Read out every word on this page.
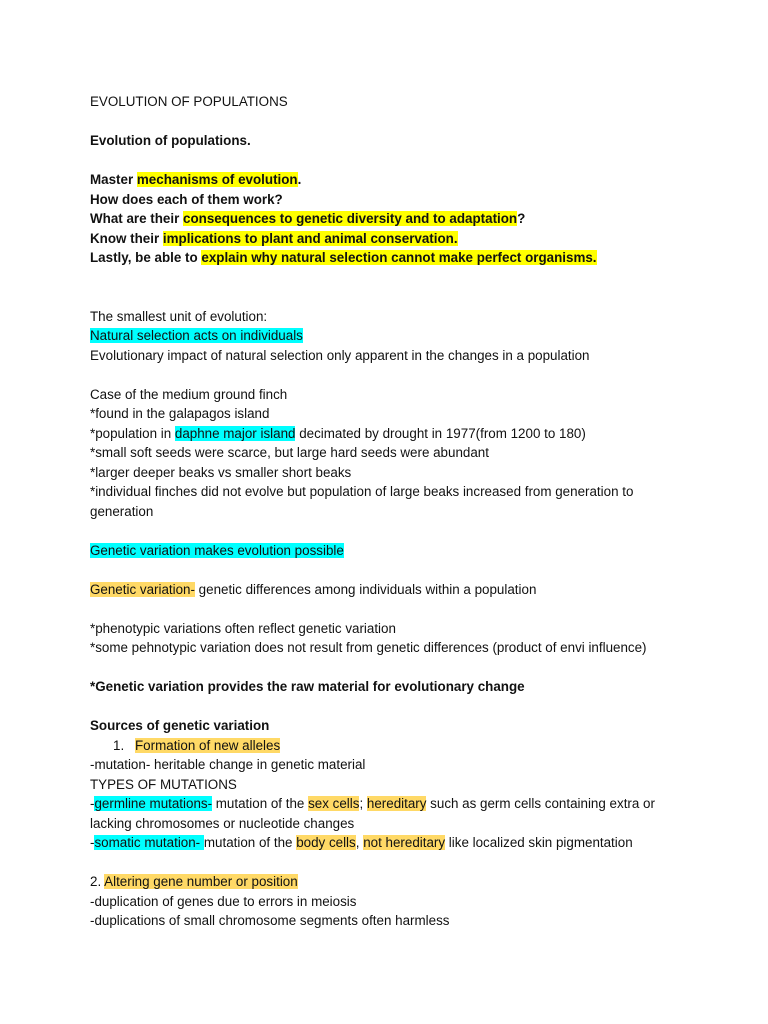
EVOLUTION OF POPULATIONS
Evolution of populations.
Master mechanisms of evolution.
How does each of them work?
What are their consequences to genetic diversity and to adaptation?
Know their implications to plant and animal conservation.
Lastly, be able to explain why natural selection cannot make perfect organisms.
The smallest unit of evolution:
Natural selection acts on individuals
Evolutionary impact of natural selection only apparent in the changes in a population
Case of the medium ground finch
*found in the galapagos island
*population in daphne major island decimated by drought in 1977(from 1200 to 180)
*small soft seeds were scarce, but large hard seeds were abundant
*larger deeper beaks vs smaller short beaks
*individual finches did not evolve but population of large beaks increased from generation to
generation
Genetic variation makes evolution possible
Genetic variation- genetic differences among individuals within a population
*phenotypic variations often reflect genetic variation
*some pehnotypic variation does not result from genetic differences (product of envi influence)
*Genetic variation provides the raw material for evolutionary change
Sources of genetic variation
1. Formation of new alleles
-mutation- heritable change in genetic material
TYPES OF MUTATIONS
-germline mutations- mutation of the sex cells; hereditary such as germ cells containing extra or
lacking chromosomes or nucleotide changes
-somatic mutation- mutation of the body cells, not hereditary like localized skin pigmentation
2. Altering gene number or position
-duplication of genes due to errors in meiosis
-duplications of small chromosome segments often harmless
